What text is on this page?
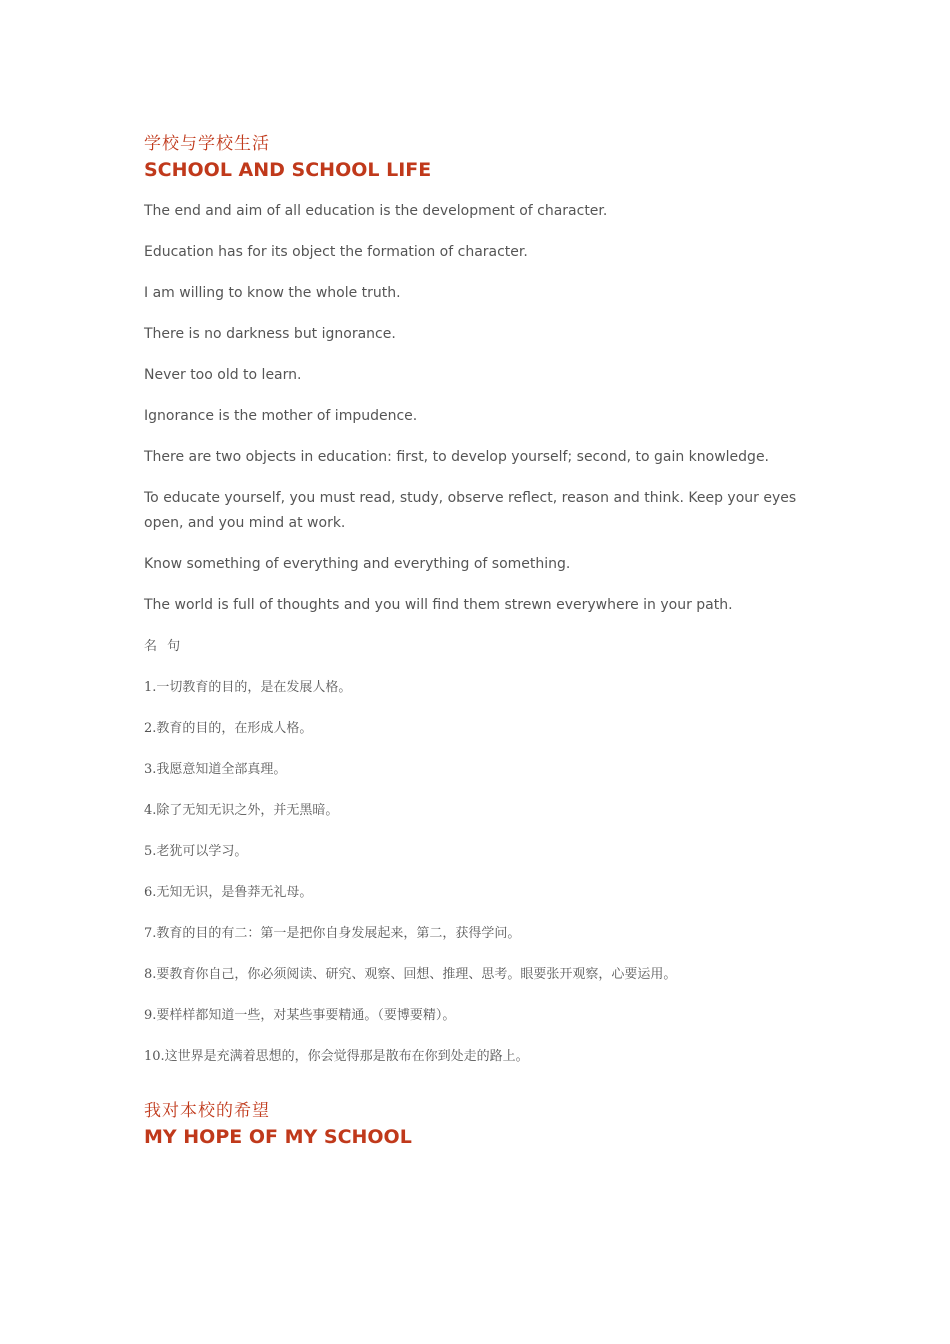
学校与学校生活
SCHOOL AND SCHOOL LIFE
The end and aim of all education is the development of character.
Education has for its object the formation of character.
I am willing to know the whole truth.
There is no darkness but ignorance.
Never too old to learn.
Ignorance is the mother of impudence.
There are two objects in education: first, to develop yourself; second, to gain knowledge.
To educate yourself, you must read, study, observe reflect, reason and think. Keep your eyes open, and you mind at work.
Know something of everything and everything of something.
The world is full of thoughts and you will find them strewn everywhere in your path.
名 句
1.一切教育的目的，是在发展人格。
2.教育的目的，在形成人格。
3.我愿意知道全部真理。
4.除了无知无识之外，并无黑暗。
5.老犹可以学习。
6.无知无识，是鲁莽无礼母。
7.教育的目的有二：第一是把你自身发展起来，第二，获得学问。
8.要教育你自己，你必须阅读、研究、观察、回想、推理、思考。眼要张开观察，心要运用。
9.要样样都知道一些，对某些事要精通。（要博要精）。
10.这世界是充满着思想的，你会觉得那是散布在你到处走的路上。
我对本校的希望
MY HOPE OF MY SCHOOL
